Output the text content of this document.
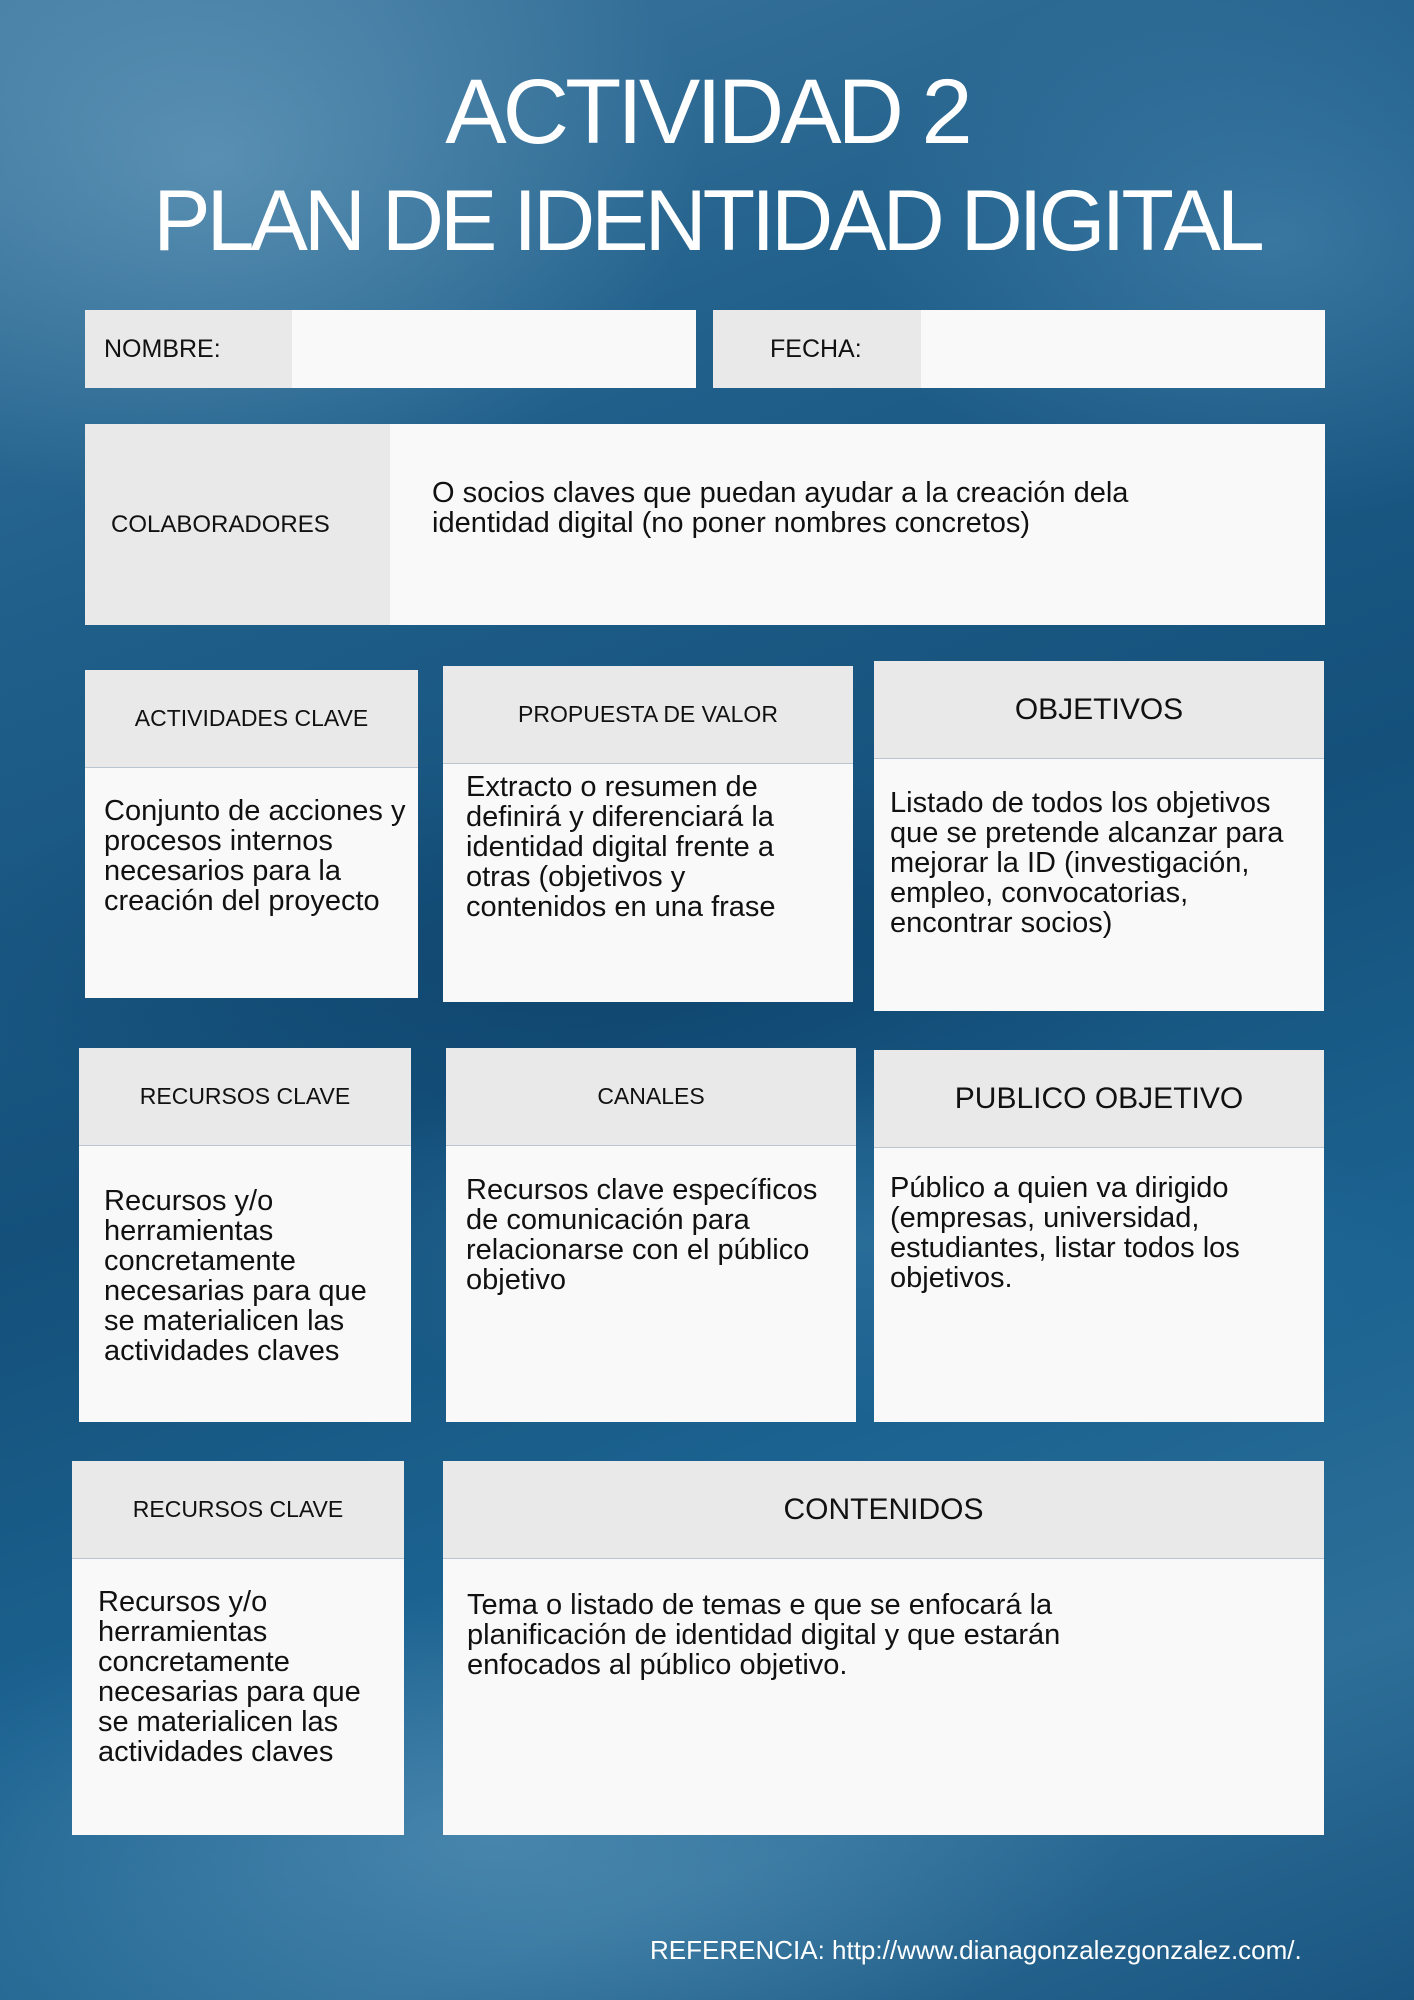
ACTIVIDAD 2
PLAN DE IDENTIDAD DIGITAL
NOMBRE:	FECHA:
COLABORADORES
O socios claves que puedan ayudar a la creación dela identidad digital (no poner nombres concretos)
ACTIVIDADES CLAVE
Conjunto de acciones y procesos internos necesarios para la creación del proyecto
PROPUESTA DE VALOR
Extracto o resumen de definirá y diferenciará la identidad digital frente a otras (objetivos y contenidos en una frase
OBJETIVOS
Listado de todos los objetivos que se pretende alcanzar para mejorar la ID (investigación, empleo, convocatorias, encontrar socios)
RECURSOS CLAVE
Recursos y/o herramientas concretamente necesarias para que se materialicen las actividades claves
CANALES
Recursos clave específicos de comunicación para relacionarse con el público objetivo
PUBLICO OBJETIVO
Público a quien va dirigido (empresas, universidad, estudiantes, listar todos los objetivos.
RECURSOS CLAVE
Recursos y/o herramientas concretamente necesarias para que se materialicen las actividades claves
CONTENIDOS
Tema o listado de temas e que se enfocará la planificación de identidad digital y que estarán enfocados al público objetivo.
REFERENCIA: http://www.dianagonzalezgonzalez.com/.
